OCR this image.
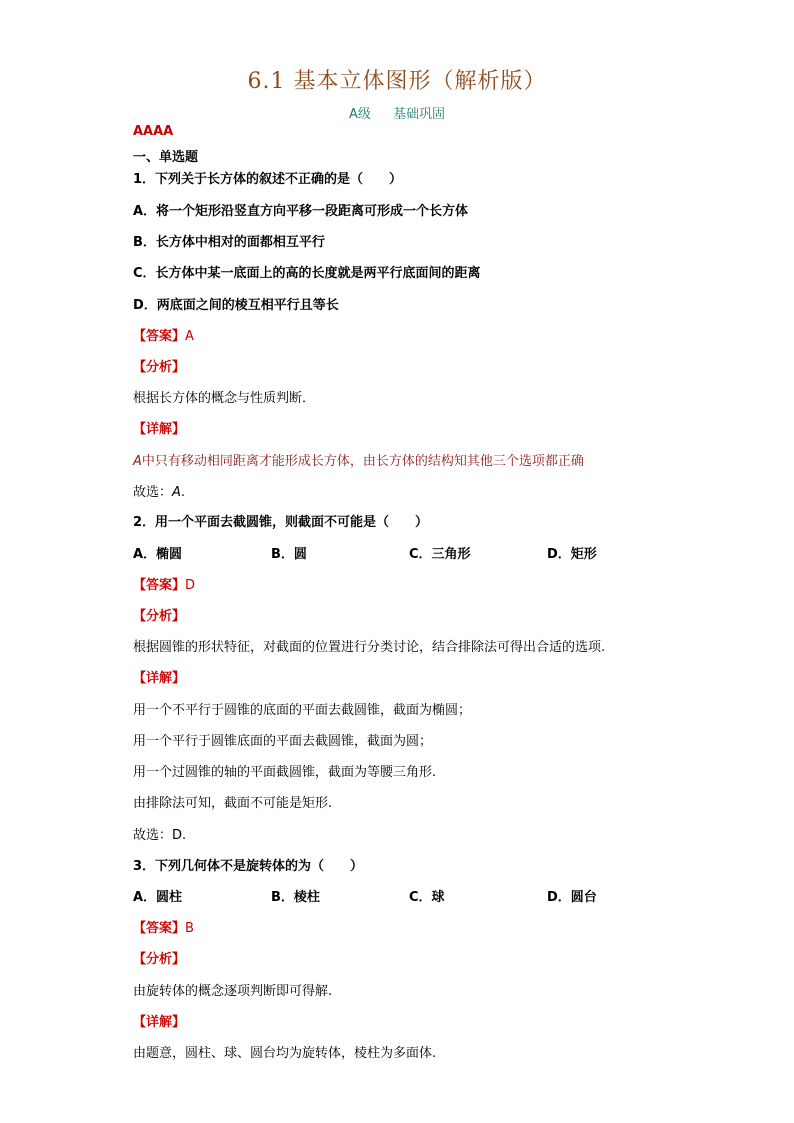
6.1 基本立体图形（解析版）
A级 基础巩固
AAAA
一、单选题
1．下列关于长方体的叙述不正确的是（　　）
A．将一个矩形沿竖直方向平移一段距离可形成一个长方体
B．长方体中相对的面都相互平行
C．长方体中某一底面上的高的长度就是两平行底面间的距离
D．两底面之间的棱互相平行且等长
【答案】A
【分析】
根据长方体的概念与性质判断．
【详解】
A中只有移动相同距离才能形成长方体，由长方体的结构知其他三个选项都正确
故选：A.
2．用一个平面去截圆锥，则截面不可能是（　　）
A．椭圆	B．圆	C．三角形	D．矩形
【答案】D
【分析】
根据圆锥的形状特征，对截面的位置进行分类讨论，结合排除法可得出合适的选项.
【详解】
用一个不平行于圆锥的底面的平面去截圆锥，截面为椭圆；
用一个平行于圆锥底面的平面去截圆锥，截面为圆；
用一个过圆锥的轴的平面截圆锥，截面为等腰三角形.
由排除法可知，截面不可能是矩形.
故选：D.
3．下列几何体不是旋转体的为（　　）
A．圆柱	B．棱柱	C．球	D．圆台
【答案】B
【分析】
由旋转体的概念逐项判断即可得解.
【详解】
由题意，圆柱、球、圆台均为旋转体，棱柱为多面体.
